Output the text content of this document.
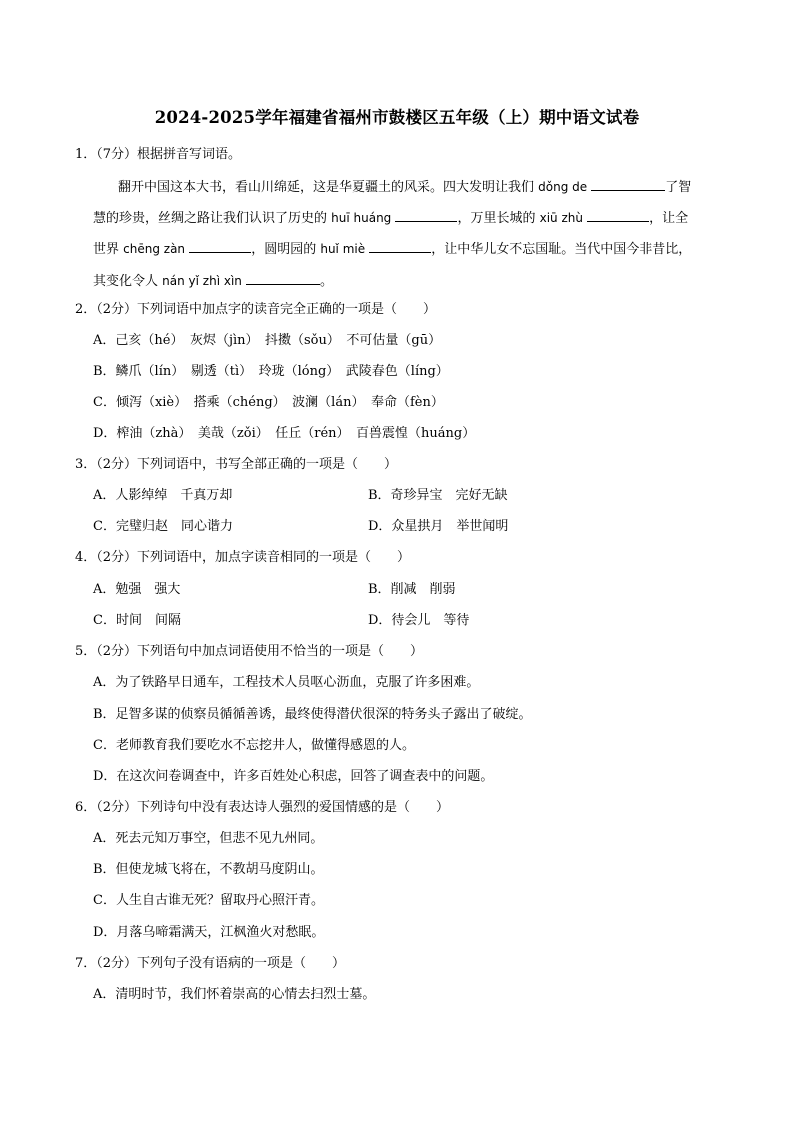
2024-2025学年福建省福州市鼓楼区五年级（上）期中语文试卷
1．（7分）根据拼音写词语。
翻开中国这本大书，看山川绵延，这是华夏疆土的风采。四大发明让我们 dǒng de	了智
慧的珍贵，丝绸之路让我们认识了历史的 huī huáng	，万里长城的 xiū zhù	，让全
世界 chēng zàn	，圆明园的 huǐ miè	，让中华儿女不忘国耻。当代中国今非昔比，
其变化令人 nán yǐ zhì xìn	。
2．（2分）下列词语中加点字的读音完全正确的一项是（　　）
A．己亥（hé）　灰烬（jìn）　抖擞（sǒu）　不可估量（gū）
B．鳞爪（lín）　剔透（tì）　玲珑（lóng）　武陵春色（líng）
C．倾泻（xiè）　搭乘（chéng）　波澜（lán）　奉命（fèn）
D．榨油（zhà）　美哉（zǒi）　任丘（rén）　百兽震惶（huáng）
3．（2分）下列词语中，书写全部正确的一项是（　　）
A．人影绰绰　千真万却	B．奇珍异宝　完好无缺
C．完璧归赵　同心谐力	D．众星拱月　举世闻明
4．（2分）下列词语中，加点字读音相同的一项是（　　）
A．勉强　强大	B．削减　削弱
C．时间　间隔	D．待会儿　等待
5．（2分）下列语句中加点词语使用不恰当的一项是（　　）
A．为了铁路早日通车，工程技术人员呕心沥血，克服了许多困难。
B．足智多谋的侦察员循循善诱，最终使得潜伏很深的特务头子露出了破绽。
C．老师教育我们要吃水不忘挖井人，做懂得感恩的人。
D．在这次问卷调查中，许多百姓处心积虑，回答了调查表中的问题。
6．（2分）下列诗句中没有表达诗人强烈的爱国情感的是（　　）
A．死去元知万事空，但悲不见九州同。
B．但使龙城飞将在，不教胡马度阴山。
C．人生自古谁无死？留取丹心照汗青。
D．月落乌啼霜满天，江枫渔火对愁眠。
7．（2分）下列句子没有语病的一项是（　　）
A．清明时节，我们怀着崇高的心情去扫烈士墓。
